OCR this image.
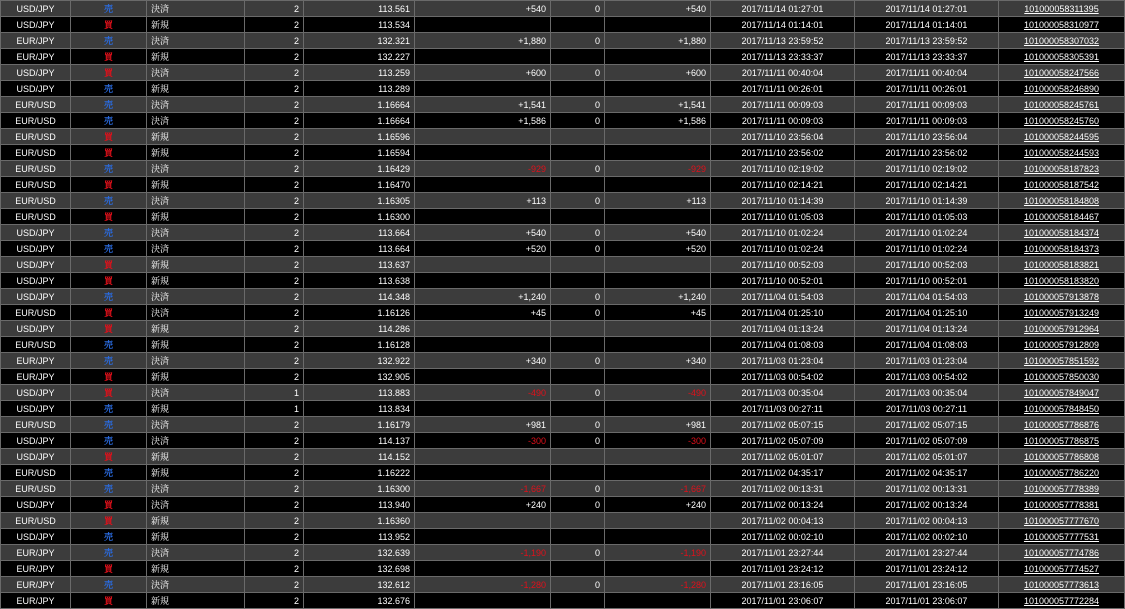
USD/JPY	売	決済	2	113.561	+540	0	+540	2017/11/14 01:27:01	2017/11/14 01:27:01	101000058311395
USD/JPY	買	新規	2	113.534				2017/11/14 01:14:01	2017/11/14 01:14:01	101000058310977
EUR/JPY	売	決済	2	132.321	+1,880	0	+1,880	2017/11/13 23:59:52	2017/11/13 23:59:52	101000058307032
EUR/JPY	買	新規	2	132.227				2017/11/13 23:33:37	2017/11/13 23:33:37	101000058305391
USD/JPY	買	決済	2	113.259	+600	0	+600	2017/11/11 00:40:04	2017/11/11 00:40:04	101000058247566
USD/JPY	売	新規	2	113.289				2017/11/11 00:26:01	2017/11/11 00:26:01	101000058246890
EUR/USD	売	決済	2	1.16664	+1,541	0	+1,541	2017/11/11 00:09:03	2017/11/11 00:09:03	101000058245761
EUR/USD	売	決済	2	1.16664	+1,586	0	+1,586	2017/11/11 00:09:03	2017/11/11 00:09:03	101000058245760
EUR/USD	買	新規	2	1.16596				2017/11/10 23:56:04	2017/11/10 23:56:04	101000058244595
EUR/USD	買	新規	2	1.16594				2017/11/10 23:56:02	2017/11/10 23:56:02	101000058244593
EUR/USD	売	決済	2	1.16429	-929	0	-929	2017/11/10 02:19:02	2017/11/10 02:19:02	101000058187823
EUR/USD	買	新規	2	1.16470				2017/11/10 02:14:21	2017/11/10 02:14:21	101000058187542
EUR/USD	売	決済	2	1.16305	+113	0	+113	2017/11/10 01:14:39	2017/11/10 01:14:39	101000058184808
EUR/USD	買	新規	2	1.16300				2017/11/10 01:05:03	2017/11/10 01:05:03	101000058184467
USD/JPY	売	決済	2	113.664	+540	0	+540	2017/11/10 01:02:24	2017/11/10 01:02:24	101000058184374
USD/JPY	売	決済	2	113.664	+520	0	+520	2017/11/10 01:02:24	2017/11/10 01:02:24	101000058184373
USD/JPY	買	新規	2	113.637				2017/11/10 00:52:03	2017/11/10 00:52:03	101000058183821
USD/JPY	買	新規	2	113.638				2017/11/10 00:52:01	2017/11/10 00:52:01	101000058183820
USD/JPY	売	決済	2	114.348	+1,240	0	+1,240	2017/11/04 01:54:03	2017/11/04 01:54:03	101000057913878
EUR/USD	買	決済	2	1.16126	+45	0	+45	2017/11/04 01:25:10	2017/11/04 01:25:10	101000057913249
USD/JPY	買	新規	2	114.286				2017/11/04 01:13:24	2017/11/04 01:13:24	101000057912964
EUR/USD	売	新規	2	1.16128				2017/11/04 01:08:03	2017/11/04 01:08:03	101000057912809
EUR/JPY	売	決済	2	132.922	+340	0	+340	2017/11/03 01:23:04	2017/11/03 01:23:04	101000057851592
EUR/JPY	買	新規	2	132.905				2017/11/03 00:54:02	2017/11/03 00:54:02	101000057850030
USD/JPY	買	決済	1	113.883	-490	0	-490	2017/11/03 00:35:04	2017/11/03 00:35:04	101000057849047
USD/JPY	売	新規	1	113.834				2017/11/03 00:27:11	2017/11/03 00:27:11	101000057848450
EUR/USD	売	決済	2	1.16179	+981	0	+981	2017/11/02 05:07:15	2017/11/02 05:07:15	101000057786876
USD/JPY	売	決済	2	114.137	-300	0	-300	2017/11/02 05:07:09	2017/11/02 05:07:09	101000057786875
USD/JPY	買	新規	2	114.152				2017/11/02 05:01:07	2017/11/02 05:01:07	101000057786808
EUR/USD	売	新規	2	1.16222				2017/11/02 04:35:17	2017/11/02 04:35:17	101000057786220
EUR/USD	売	決済	2	1.16300	-1,667	0	-1,667	2017/11/02 00:13:31	2017/11/02 00:13:31	101000057778389
USD/JPY	買	決済	2	113.940	+240	0	+240	2017/11/02 00:13:24	2017/11/02 00:13:24	101000057778381
EUR/USD	買	新規	2	1.16360				2017/11/02 00:04:13	2017/11/02 00:04:13	101000057777670
USD/JPY	売	新規	2	113.952				2017/11/02 00:02:10	2017/11/02 00:02:10	101000057777531
EUR/JPY	売	決済	2	132.639	-1,190	0	-1,190	2017/11/01 23:27:44	2017/11/01 23:27:44	101000057774786
EUR/JPY	買	新規	2	132.698				2017/11/01 23:24:12	2017/11/01 23:24:12	101000057774527
EUR/JPY	売	決済	2	132.612	-1,280	0	-1,280	2017/11/01 23:16:05	2017/11/01 23:16:05	101000057773613
EUR/JPY	買	新規	2	132.676				2017/11/01 23:06:07	2017/11/01 23:06:07	101000057772284
